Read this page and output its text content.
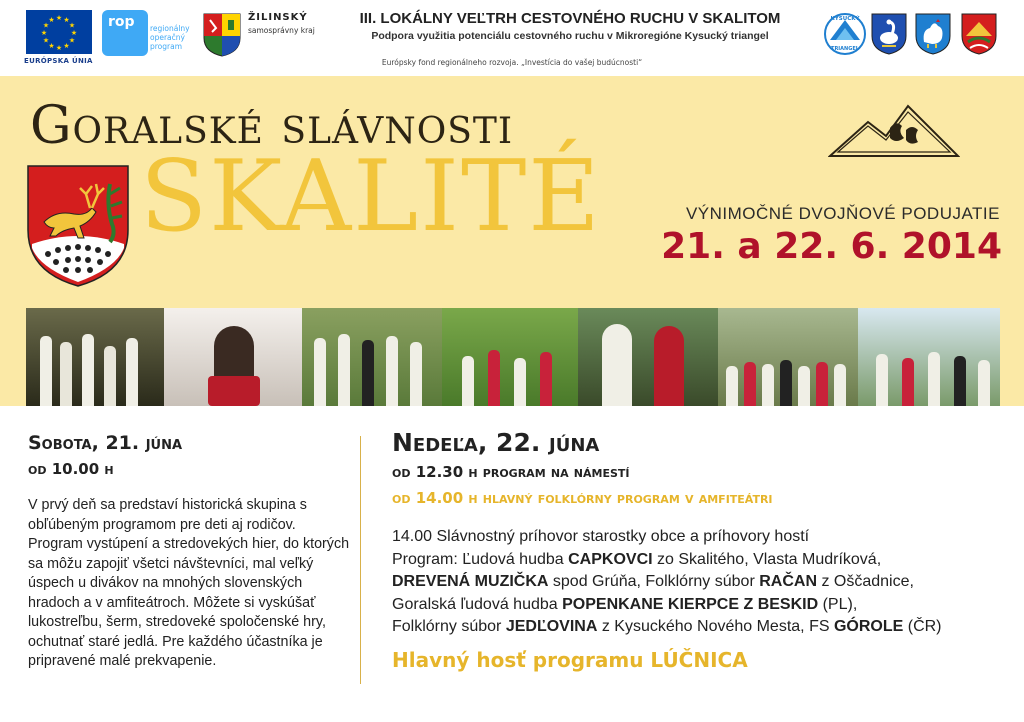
★ ★
★
★
★
★
★
★
★
★
★
★
EURÓPSKA ÚNIA
rop	regionálny
operačný
program
ŽILINSKÝ
samosprávny kraj
III. LOKÁLNY VEĽTRH CESTOVNÉHO RUCHU V SKALITOM
Podpora využitia potenciálu cestovného ruchu v Mikroregióne Kysucký triangel
Európsky fond regionálneho rozvoja. „Investícia do vašej budúcnosti“
KYSUCKÝ
TRIANGEL
Goralské slávnosti
SKALITÉ	VÝNIMOČNÉ DVOJŇOVÉ PODUJATIE
21. a 22. 6. 2014
Sobota, 21. júna
od 10.00 h
V prvý deň sa predstaví historická skupina s obľúbeným programom pre deti aj rodičov. Program vystúpení a stredovekých hier, do ktorých sa môžu zapojiť všetci návštevníci, mal veľký úspech u divákov na mnohých slovenských hradoch a v amfiteátroch. Môžete si vyskúšať lukostreľbu, šerm, stredoveké spoločenské hry, ochutnať staré jedlá. Pre každého účastníka je pripravené malé prekvapenie.
Nedeľa, 22. júna
od 12.30 h program na námestí
od 14.00 h hlavný folklórny program v amfiteátri
14.00 Slávnostný príhovor starostky obce a príhovory hostí
Program: Ľudová hudba CAPKOVCI zo Skalitého, Vlasta Mudríková,
DREVENÁ MUZIČKA spod Grúňa, Folklórny súbor RAČAN z Oščadnice,
Goralská ľudová hudba POPENKANE KIERPCE Z BESKID (PL),
Folklórny súbor JEDĽOVINA z Kysuckého Nového Mesta, FS GÓROLE (ČR)
Hlavný hosť programu LÚČNICA
